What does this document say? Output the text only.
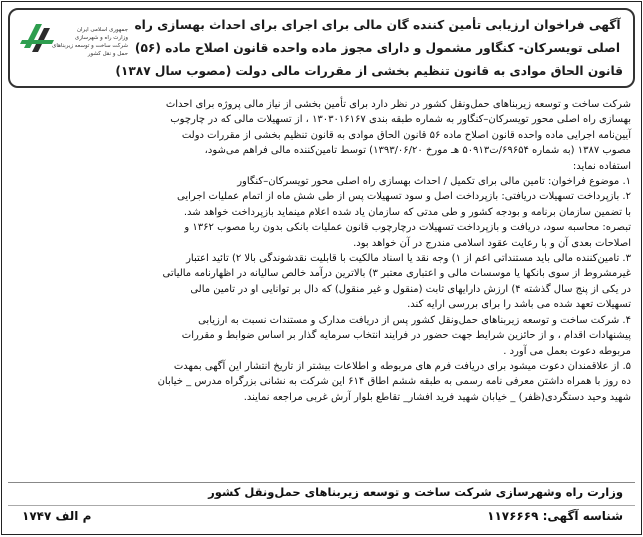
جمهوری اسلامی ایران
وزارت راه و شهرسازی
شرکت ساخت و توسعه زیربناهای
حمل و نقل کشور
آگهی فراخوان ارزیابی تأمین کننده گان مالی برای اجرای برای احداث بهسازی راه
اصلی تویسرکان- کنگاور مشمول و دارای مجوز ماده واحده قانون اصلاح ماده (۵۶)
قانون الحاق موادی به قانون تنظیم بخشی از مقررات مالی دولت (مصوب سال ۱۳۸۷)
شرکت ساخت و توسعه زیربناهای حمل‌ونقل کشور در نظر دارد برای تأمین بخشی از نیاز مالی پروژه برای احداث
بهسازی راه اصلی محور تویسرکان–کنگاور به شماره طبقه بندی ۱۳۰۳۰۱۶۱۶۷ ، از تسهیلات مالی که در چارچوب
آیین‌نامه اجرایی ماده واحده قانون اصلاح ماده ۵۶ قانون الحاق موادی به قانون تنظیم بخشی از مقررات دولت
مصوب ۱۳۸۷ (به شماره ۶۹۶۵۴/ت۵۰۹۱۳ هـ مورخ ۱۳۹۳/۰۶/۲۰) توسط تامین‌کننده مالی فراهم می‌شود،
استفاده نماید:
۱. موضوع فراخوان: تامین مالی برای تکمیل / احداث بهسازی راه اصلی محور تویسرکان–کنگاور
۲. بازپرداخت تسهیلات دریافتی: بازپرداخت اصل و سود تسهیلات پس از طی شش ماه از اتمام عملیات اجرایی
با تضمین سازمان برنامه و بودجه کشور و طی مدتی که سازمان یاد شده اعلام مینماید بازپرداخت خواهد شد.
تبصره: محاسبه سود، دریافت و بازپرداخت تسهیلات درچارچوب قانون عملیات بانکی بدون ربا مصوب ۱۳۶۲ و
اصلاحات بعدی آن و با رعایت عقود اسلامی مندرج در آن خواهد بود.
۳. تامین‌کننده مالی باید مستنداتی اعم از ۱) وجه نقد یا اسناد مالکیت با قابلیت نقدشوندگی بالا ۲) تائید اعتبار
غیرمشروط از سوی بانکها یا موسسات مالی و اعتباری معتبر ۳) بالاترین درآمد خالص سالیانه در اظهارنامه مالیاتی
در یکی از پنج سال گذشته ۴) ارزش دارایهای ثابت (منقول و غیر منقول) که دال بر توانایی او در تامین مالی
تسهیلات تعهد شده می باشد را برای بررسی ارایه کند.
۴. شرکت ساخت و توسعه زیربناهای حمل‌ونقل کشور پس از دریافت مدارک و مستندات نسبت به ارزیابی
پیشنهادات اقدام ، و از حائزین شرایط جهت حضور در فرایند انتخاب سرمایه گذار بر اساس ضوابط و مقررات
مربوطه دعوت بعمل می آورد .
۵. از علاقمندان دعوت میشود برای دریافت فرم های مربوطه و اطلاعات بیشتر از تاریخ انتشار این آگهی بمهدت
ده روز با همراه داشتن معرفی نامه رسمی به طبقه ششم اطاق ۶۱۴ این شرکت به نشانی بزرگراه مدرس _ خیابان
شهید وحید دستگردی(ظفر) _ خیابان شهید فرید افشار_ تقاطع بلوار آرش غربی مراجعه نمایند.
وزارت راه وشهرسازی شرکت ساخت و توسعه زیربناهای حمل‌ونقل کشور
شناسه آگهی: ۱۱۷۶۶۶۹
م الف ۱۷۴۷
